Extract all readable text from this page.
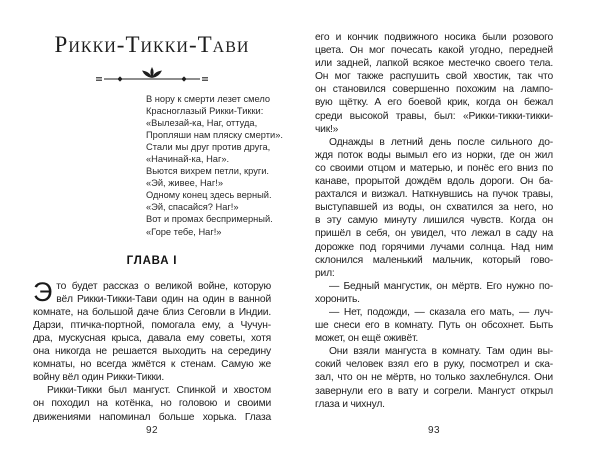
Рикки-Тикки-Тави
В нору к смерти лезет смело
Красноглазый Рикки-Тикки:
«Вылезай-ка, Наг, оттуда,
Пропляши нам пляску смерти».
Стали мы друг против друга,
«Начинай-ка, Наг».
Вьются вихрем петли, круги.
«Эй, живее, Наг!»
Одному конец здесь верный.
«Эй, спасайся? Наг!»
Вот и промах беспримерный.
«Горе тебе, Наг!»
ГЛАВА I
Э то будет рассказ о великой войне, которую
вёл Рикки-Тикки-Тави один на один в ванной
комнате, на большой даче близ Сеговли в Индии.
Дарзи, птичка-портной, помогала ему, а Чучун-
дра, мускусная крыса, давала ему советы, хотя
она никогда не решается выходить на середину
комнаты, но всегда жмётся к стенам. Самую же
войну вёл один Рикки-Тикки.
Рикки-Тикки был мангуст. Спинкой и хвостом
он походил на котёнка, но головою и своими
движениями напоминал больше хорька. Глаза
92
его и кончик подвижного носика были розового
цвета. Он мог почесать какой угодно, передней
или задней, лапкой всякое местечко своего тела.
Он мог также распушить свой хвостик, так что
он становился совершенно похожим на лампо-
вую щётку. А его боевой крик, когда он бежал
среди высокой травы, был: «Рикки-тикки-тикки-
чик!»
Однажды в летний день после сильного до-
ждя поток воды вымыл его из норки, где он жил
со своими отцом и матерью, и понёс его вниз по
канаве, прорытой дождём вдоль дороги. Он ба-
рахтался и визжал. Наткнувшись на пучок травы,
выступавшей из воды, он схватился за него, но
в эту самую минуту лишился чувств. Когда он
пришёл в себя, он увидел, что лежал в саду на
дорожке под горячими лучами солнца. Над ним
склонился маленький мальчик, который гово-
рил:
— Бедный мангустик, он мёртв. Его нужно по-
хоронить.
— Нет, подожди, — сказала его мать, — луч-
ше снеси его в комнату. Путь он обсохнет. Быть
может, он ещё оживёт.
Они взяли мангуста в комнату. Там один вы-
сокий человек взял его в руку, посмотрел и ска-
зал, что он не мёртв, но только захлебнулся. Они
завернули его в вату и согрели. Мангуст открыл
глаза и чихнул.
93
